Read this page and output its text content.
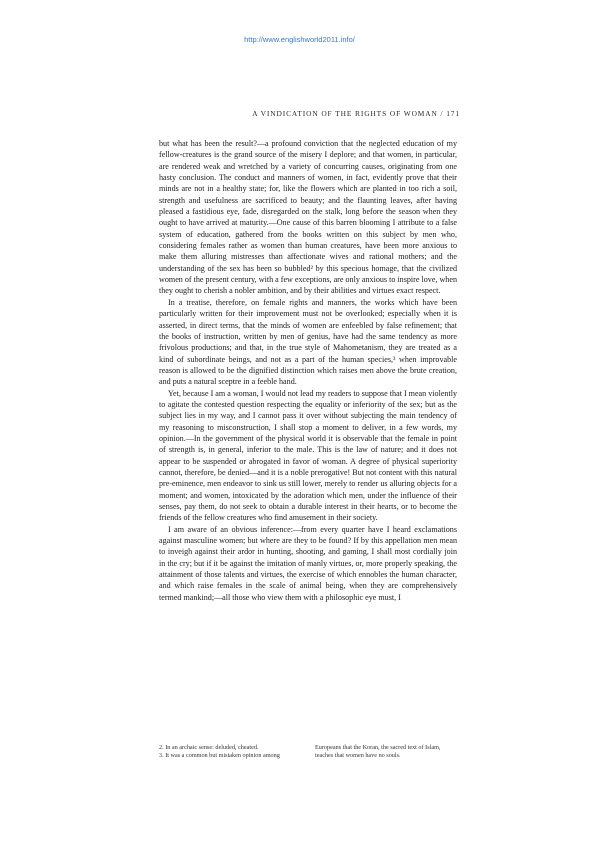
http://www.englishworld2011.info/
A VINDICATION OF THE RIGHTS OF WOMAN / 171

but what has been the result?—a profound conviction that the neglected education of my fellow-creatures is the grand source of the misery I deplore; and that women, in particular, are rendered weak and wretched by a variety of concurring causes, originating from one hasty conclusion. The conduct and manners of women, in fact, evidently prove that their minds are not in a healthy state; for, like the flowers which are planted in too rich a soil, strength and usefulness are sacrificed to beauty; and the flaunting leaves, after having pleased a fastidious eye, fade, disregarded on the stalk, long before the season when they ought to have arrived at maturity.—One cause of this barren blooming I attribute to a false system of education, gathered from the books written on this subject by men who, considering females rather as women than human creatures, have been more anxious to make them alluring mistresses than affectionate wives and rational mothers; and the understanding of the sex has been so bubbled² by this specious homage, that the civilized women of the present century, with a few exceptions, are only anxious to inspire love, when they ought to cherish a nobler ambition, and by their abilities and virtues exact respect.

In a treatise, therefore, on female rights and manners, the works which have been particularly written for their improvement must not be overlooked; especially when it is asserted, in direct terms, that the minds of women are enfeebled by false refinement; that the books of instruction, written by men of genius, have had the same tendency as more frivolous productions; and that, in the true style of Mahometanism, they are treated as a kind of subordinate beings, and not as a part of the human species,³ when improvable reason is allowed to be the dignified distinction which raises men above the brute creation, and puts a natural sceptre in a feeble hand.

Yet, because I am a woman, I would not lead my readers to suppose that I mean violently to agitate the contested question respecting the equality or inferiority of the sex; but as the subject lies in my way, and I cannot pass it over without subjecting the main tendency of my reasoning to misconstruction, I shall stop a moment to deliver, in a few words, my opinion.—In the government of the physical world it is observable that the female in point of strength is, in general, inferior to the male. This is the law of nature; and it does not appear to be suspended or abrogated in favor of woman. A degree of physical superiority cannot, therefore, be denied—and it is a noble prerogative! But not content with this natural pre-eminence, men endeavor to sink us still lower, merely to render us alluring objects for a moment; and women, intoxicated by the adoration which men, under the influence of their senses, pay them, do not seek to obtain a durable interest in their hearts, or to become the friends of the fellow creatures who find amusement in their society.

I am aware of an obvious inference:—from every quarter have I heard exclamations against masculine women; but where are they to be found? If by this appellation men mean to inveigh against their ardor in hunting, shooting, and gaming, I shall most cordially join in the cry; but if it be against the imitation of manly virtues, or, more properly speaking, the attainment of those talents and virtues, the exercise of which ennobles the human character, and which raise females in the scale of animal being, when they are comprehensively termed mankind;—all those who view them with a philosophic eye must, I

2. In an archaic sense: deluded, cheated.
3. It was a common but mistaken opinion among
Europeans that the Koran, the sacred text of Islam,
teaches that women have no souls.
